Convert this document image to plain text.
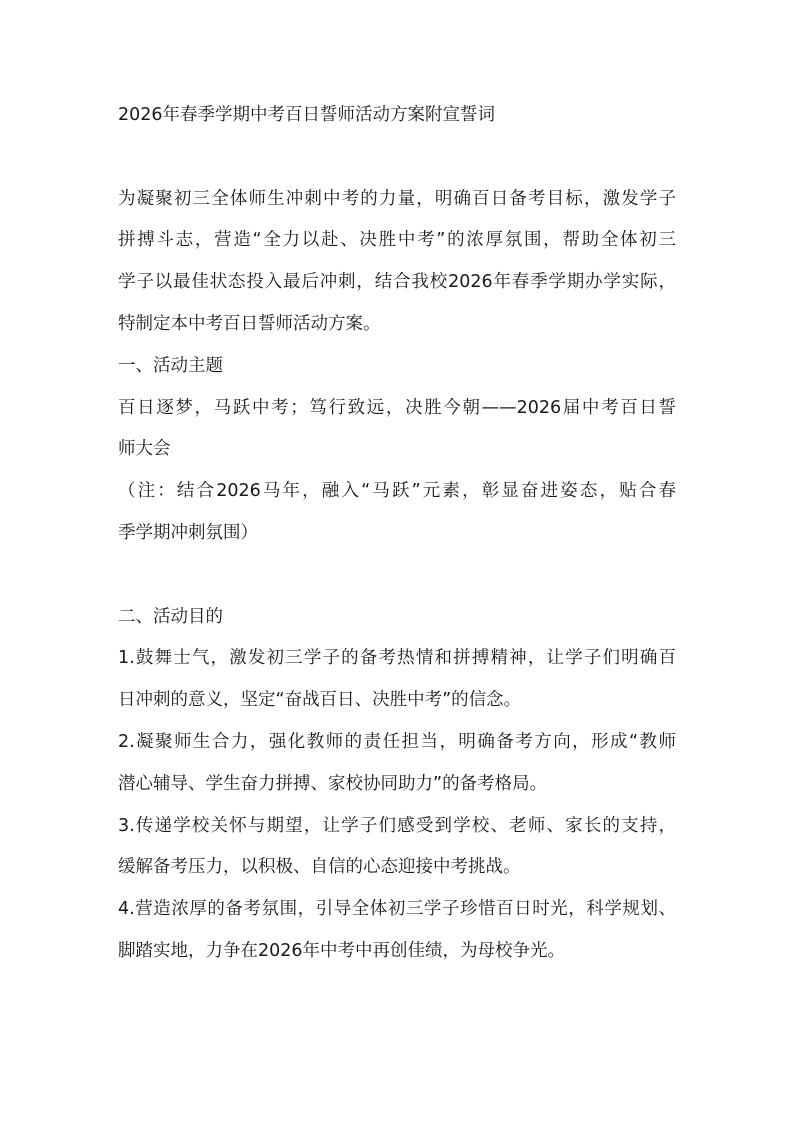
2026年春季学期中考百日誓师活动方案附宣誓词
为凝聚初三全体师生冲刺中考的力量，明确百日备考目标，激发学子
拼搏斗志，营造“全力以赴、决胜中考”的浓厚氛围，帮助全体初三
学子以最佳状态投入最后冲刺，结合我校2026年春季学期办学实际，
特制定本中考百日誓师活动方案。
一、活动主题
百日逐梦，马跃中考；笃行致远，决胜今朝——2026届中考百日誓
师大会
（注：结合2026马年，融入“马跃”元素，彰显奋进姿态，贴合春
季学期冲刺氛围）
二、活动目的
1.鼓舞士气，激发初三学子的备考热情和拼搏精神，让学子们明确百
日冲刺的意义，坚定“奋战百日、决胜中考”的信念。
2.凝聚师生合力，强化教师的责任担当，明确备考方向，形成“教师
潜心辅导、学生奋力拼搏、家校协同助力”的备考格局。
3.传递学校关怀与期望，让学子们感受到学校、老师、家长的支持，
缓解备考压力，以积极、自信的心态迎接中考挑战。
4.营造浓厚的备考氛围，引导全体初三学子珍惜百日时光，科学规划、
脚踏实地，力争在2026年中考中再创佳绩，为母校争光。
